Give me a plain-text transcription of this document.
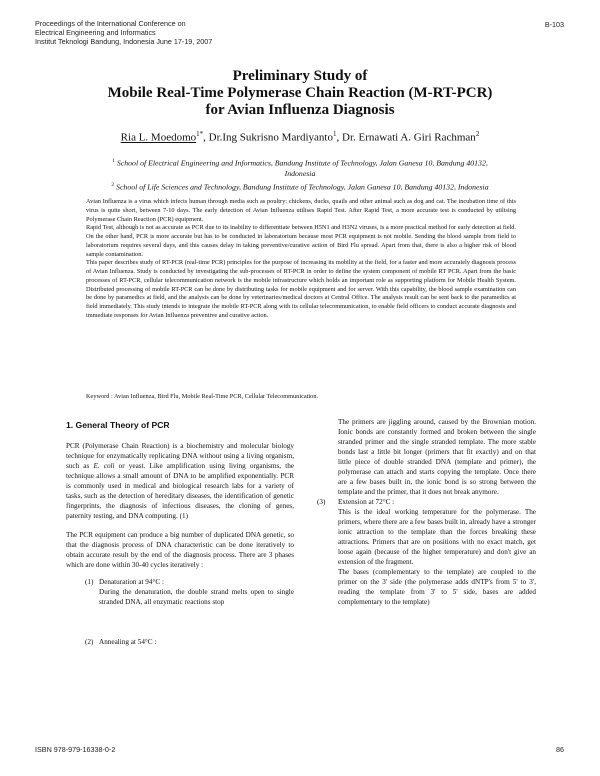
Proceedings of the International Conference on
Electrical Engineering and Informatics
Institut Teknologi Bandung, Indonesia June 17-19, 2007
B-103
Preliminary Study of
Mobile Real-Time Polymerase Chain Reaction (M-RT-PCR)
for Avian Influenza Diagnosis
Ria L. Moedomo$^{1*}$, Dr.Ing Sukrisno Mardiyanto$^1$, Dr. Ernawati A. Giri Rachman$^2$
$^1$ School of Electrical Engineering and Informatics, Bandung Institute of Technology, Jalan Ganesa 10, Bandung 40132,
Indonesia
$^2$ School of Life Sciences and Technology, Bandung Institute of Technology, Jalan Ganesa 10, Bandung 40132, Indonesia

Avian Influenza is a virus which infects human through media such as poultry: chickens, ducks, quails and other animal such as dog and cat. The incubation time of this virus is quite short, between 7-10 days. The early detection of Avian Influenza utilises Rapid Test. After Rapid Test, a more accurate test is conducted by utilising Polymerase Chain Reaction (PCR) equipment.

Rapid Test, although is not as accurate as PCR due to its inability to differentiate between H5N1 and H3N2 viruses, is a more practical method for early detection at field. On the other hand, PCR is more accurate but has to be conducted in laboratorium because most PCR equipment is not mobile. Sending the blood sample from field to laboratorium requires several days, and this causes delay in taking preventive/curative action of Bird Flu spread. Apart from that, there is also a higher risk of blood sample contamination.

This paper describes study of RT-PCR (real-time PCR) principles for the purpose of increasing its mobility at the field, for a faster and more accurately diagnosis process of Avian Influenza. Study is conducted by investigating the sub-processes of RT-PCR in order to define the system component of mobile RT PCR. Apart from the basic processes of RT-PCR, cellular telecommunication network is the mobile infrastructure which holds an important role as supporting platform for Mobile Health System. Distributed processing of mobile RT-PCR can be done by distributing tasks for mobile equipment and for server. With this capability, the blood sample examination can be done by paramedics at field, and the analysis can be done by veterinaries/medical doctors at Central Office. The analysis result can be sent back to the paramedics at field immediately. This study intends to integrate the mobile RT-PCR along with its cellular telecommunication, to enable field officers to conduct accurate diagnosis and immediate responses for Avian Influenza preventive and curative action.

Keyword : Avian Influenza, Bird Flu, Mobile Real-Time PCR, Cellular Telecommunication.

1. General Theory of PCR

PCR (Polymerase Chain Reaction) is a biochemistry and molecular biology technique for enzymatically replicating DNA without using a living organism, such as E. coli or yeast. Like amplification using living organisms, the technique allows a small amount of DNA to be amplified exponentially. PCR is commonly used in medical and biological research labs for a variety of tasks, such as the detection of hereditary diseases, the identification of genetic fingerprints, the diagnosis of infectious diseases, the cloning of genes, paternity testing, and DNA computing. (1)

The PCR equipment can produce a big number of duplicated DNA genetic, so that the diagnosis process of DNA characteristic can be done iteratively to obtain accurate result by the end of the diagnosis process. There are 3 phases which are done within 30-40 cycles iteratively :

(1) Denaturation at 94°C :

During the denaturation, the double strand melts open to single stranded DNA, all enzymatic reactions stop

(2) Annealing at 54°C :

The primers are jiggling around, caused by the Brownian motion. Ionic bonds are constantly formed and broken between the single stranded primer and the single stranded template. The more stable bonds last a little bit longer (primers that fit exactly) and on that little piece of double stranded DNA (template and primer), the polymerase can attach and starts copying the template. Once there are a few bases built in, the ionic bond is so strong between the template and the primer, that it does not break anymore.

(3) Extension at 72°C :

This is the ideal working temperature for the polymerase. The primers, where there are a few bases built in, already have a stronger ionic attraction to the template than the forces breaking these attractions. Primers that are on positions with no exact match, get loose again (because of the higher temperature) and don't give an extension of the fragment.

The bases (complementary to the template) are coupled to the primer on the 3' side (the polymerase adds dNTP's from 5' to 3', reading the template from 3' to 5' side, bases are added complementary to the template)

ISBN 978-979-16338-0-2	86
